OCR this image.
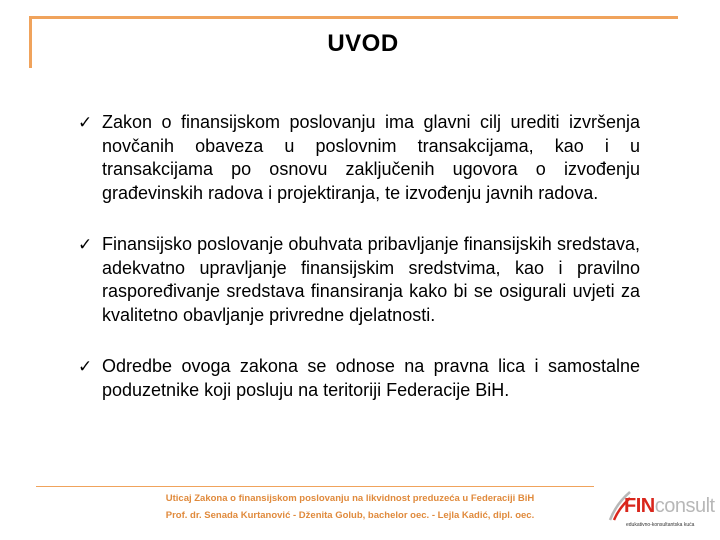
UVOD
✓ Zakon o finansijskom poslovanju ima glavni cilj urediti izvršenja novčanih obaveza u poslovnim transakcijama, kao i u transakcijama po osnovu zaključenih ugovora o izvođenju građevinskih radova i projektiranja, te izvođenju javnih radova.
✓ Finansijsko poslovanje obuhvata pribavljanje finansijskih sredstava, adekvatno upravljanje finansijskim sredstvima, kao i pravilno raspoređivanje sredstava finansiranja kako bi se osigurali uvjeti za kvalitetno obavljanje privredne djelatnosti.
✓ Odredbe ovoga zakona se odnose na pravna lica i samostalne poduzetnike koji posluju na teritoriji Federacije BiH.
Uticaj Zakona o finansijskom poslovanju na likvidnost preduzeća u Federaciji BiH
Prof. dr. Senada Kurtanović - Dženita Golub, bachelor oec. - Lejla Kadić, dipl. oec.	FINconsult
edukativno-konsultantska kuća
